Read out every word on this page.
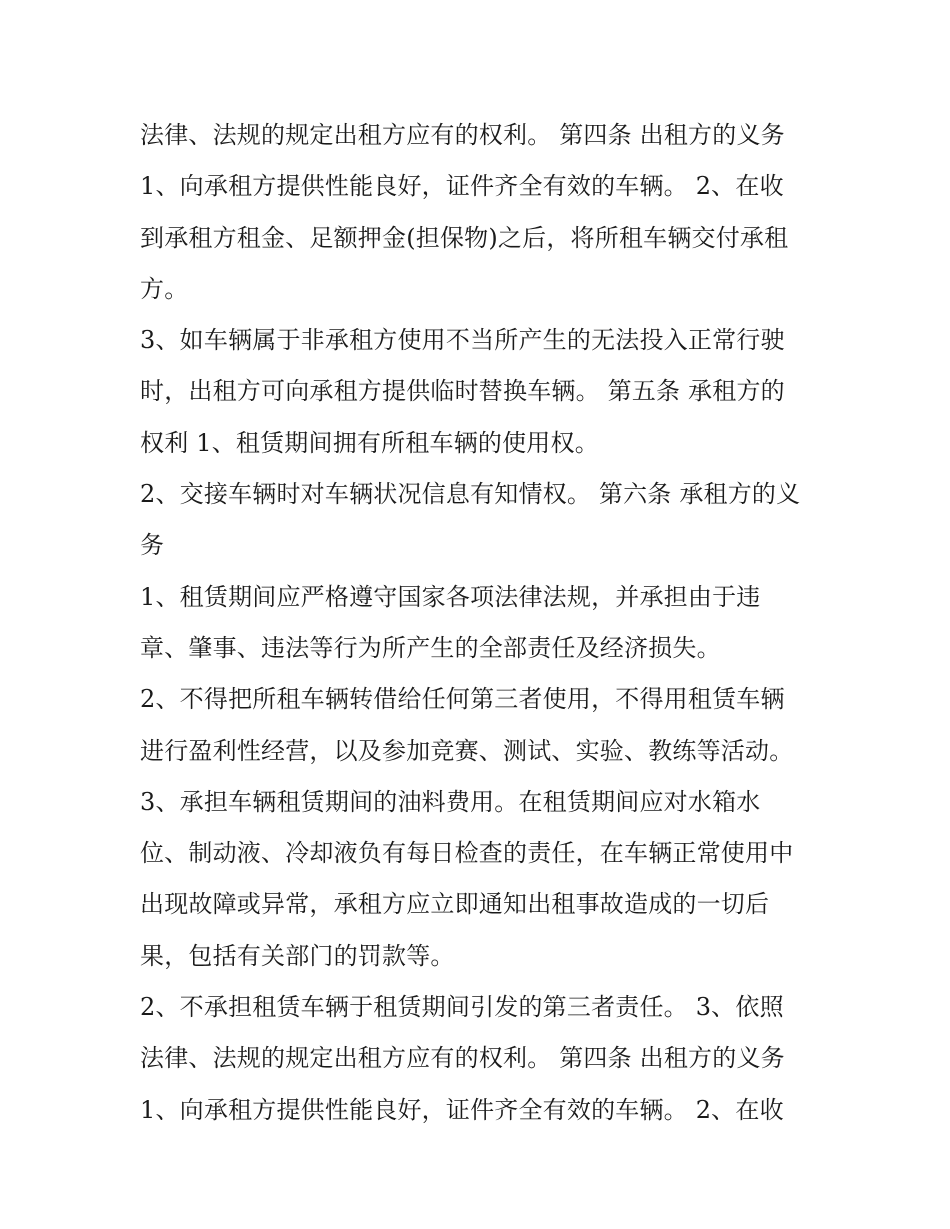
法律、法规的规定出租方应有的权利。 第四条 出租方的义务
1、向承租方提供性能良好，证件齐全有效的车辆。 2、在收
到承租方租金、足额押金(担保物)之后，将所租车辆交付承租
方。
3、如车辆属于非承租方使用不当所产生的无法投入正常行驶
时，出租方可向承租方提供临时替换车辆。 第五条 承租方的
权利 1、租赁期间拥有所租车辆的使用权。
2、交接车辆时对车辆状况信息有知情权。 第六条 承租方的义
务
1、租赁期间应严格遵守国家各项法律法规，并承担由于违
章、肇事、违法等行为所产生的全部责任及经济损失。
2、不得把所租车辆转借给任何第三者使用，不得用租赁车辆
进行盈利性经营，以及参加竞赛、测试、实验、教练等活动。
3、承担车辆租赁期间的油料费用。在租赁期间应对水箱水
位、制动液、冷却液负有每日检查的责任，在车辆正常使用中
出现故障或异常，承租方应立即通知出租事故造成的一切后
果，包括有关部门的罚款等。
2、不承担租赁车辆于租赁期间引发的第三者责任。 3、依照
法律、法规的规定出租方应有的权利。 第四条 出租方的义务
1、向承租方提供性能良好，证件齐全有效的车辆。 2、在收
